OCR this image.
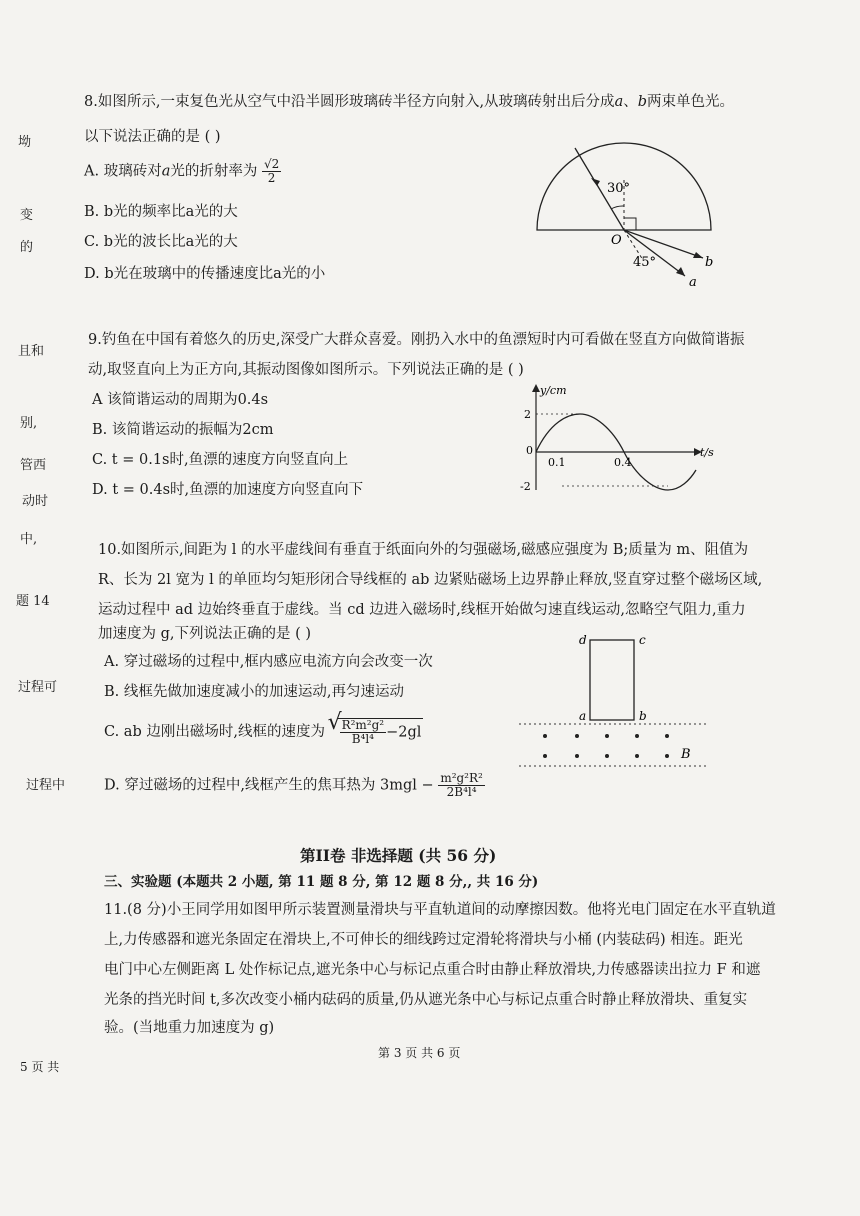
坳
变
的
且和
别,
管西
动时
中,
题 14
过程可
过程中
8.如图所示,一束复色光从空气中沿半圆形玻璃砖半径方向射入,从玻璃砖射出后分成a、b两束单色光。
以下说法正确的是 ( )
A. 玻璃砖对a光的折射率为 $\frac{√2}{2}$
B. b光的频率比a光的大
C. b光的波长比a光的大
D. b光在玻璃中的传播速度比a光的小
30°
45°
O
b
a
9.钓鱼在中国有着悠久的历史,深受广大群众喜爱。刚扔入水中的鱼漂短时内可看做在竖直方向做简谐振
动,取竖直向上为正方向,其振动图像如图所示。下列说法正确的是 ( )
A 该简谐运动的周期为0.4s
B. 该简谐运动的振幅为2cm
C. t = 0.1s时,鱼漂的速度方向竖直向上
D. t = 0.4s时,鱼漂的加速度方向竖直向下
y/cm
t/s
2
-2
0
0.1	0.4
10.如图所示,间距为 l 的水平虚线间有垂直于纸面向外的匀强磁场,磁感应强度为 B;质量为 m、阻值为
R、长为 2l 宽为 l 的单匝均匀矩形闭合导线框的 ab 边紧贴磁场上边界静止释放,竖直穿过整个磁场区域,
运动过程中 ad 边始终垂直于虚线。当 cd 边进入磁场时,线框开始做匀速直线运动,忽略空气阻力,重力
加速度为 g,下列说法正确的是 ( )
A. 穿过磁场的过程中,框内感应电流方向会改变一次
B. 线框先做加速度减小的加速运动,再匀速运动
C. ab 边刚出磁场时,线框的速度为
√ $\frac{\text{R²m²g²}}{\text{B⁴l⁴}} -2gl$
D. 穿过磁场的过程中,线框产生的焦耳热为 $3mgl - \frac{\text{m²g²R²}}{\text{2B⁴l⁴}}$
d	c
a	b
B
第II卷 非选择题 (共 56 分)
三、实验题 (本题共 2 小题, 第 11 题 8 分, 第 12 题 8 分,, 共 16 分)
11.(8 分)小王同学用如图甲所示装置测量滑块与平直轨道间的动摩擦因数。他将光电门固定在水平直轨道
上,力传感器和遮光条固定在滑块上,不可伸长的细线跨过定滑轮将滑块与小桶 (内装砝码) 相连。距光
电门中心左侧距离 L 处作标记点,遮光条中心与标记点重合时由静止释放滑块,力传感器读出拉力 F 和遮
光条的挡光时间 t,多次改变小桶内砝码的质量,仍从遮光条中心与标记点重合时静止释放滑块、重复实
验。(当地重力加速度为 g)
第 3 页 共 6 页
5 页 共
